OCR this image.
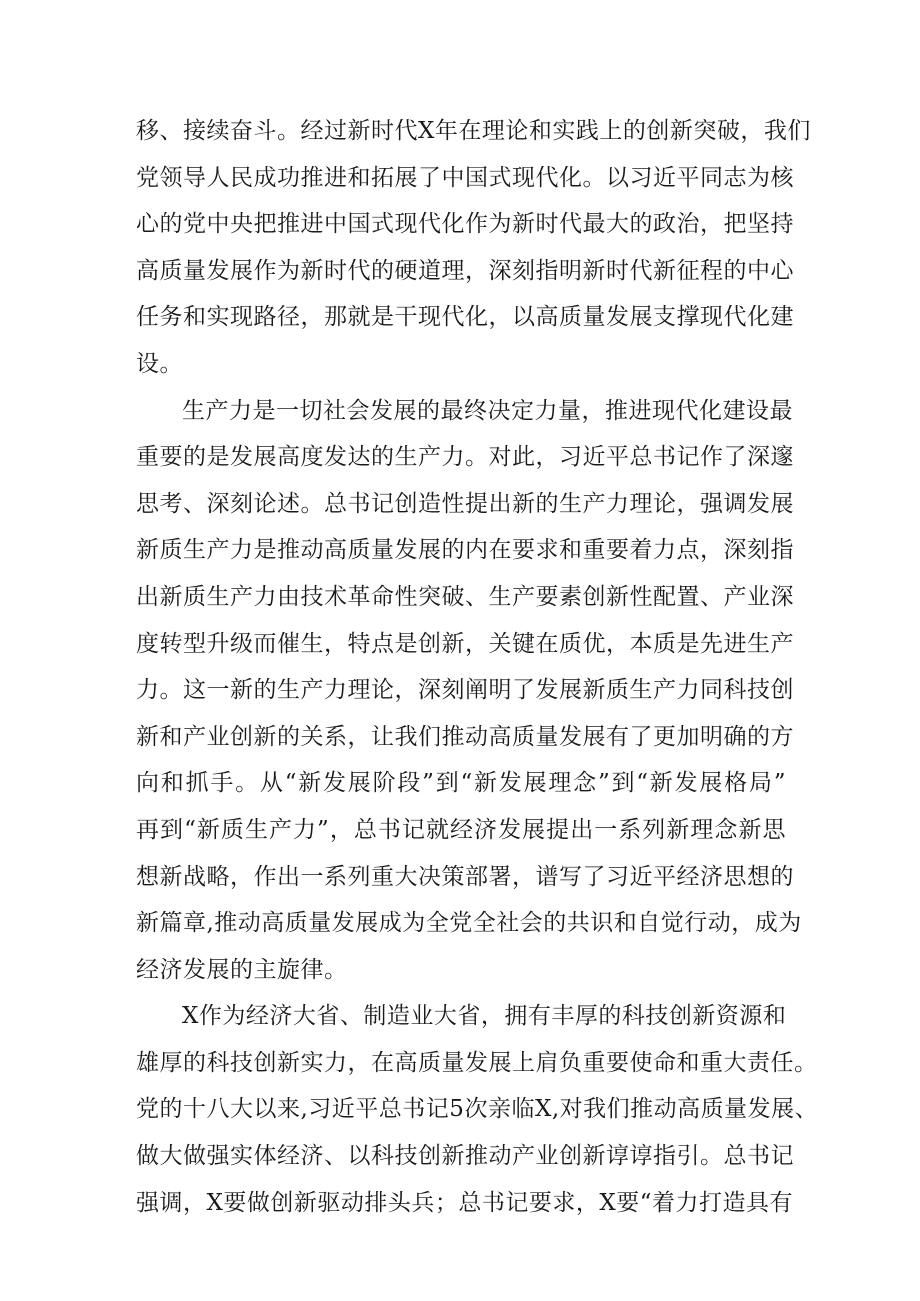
移、接续奋斗。经过新时代X年在理论和实践上的创新突破，我们
党领导人民成功推进和拓展了中国式现代化。以习近平同志为核
心的党中央把推进中国式现代化作为新时代最大的政治，把坚持
高质量发展作为新时代的硬道理，深刻指明新时代新征程的中心
任务和实现路径，那就是干现代化，以高质量发展支撑现代化建
设。
生产力是一切社会发展的最终决定力量，推进现代化建设最
重要的是发展高度发达的生产力。对此，习近平总书记作了深邃
思考、深刻论述。总书记创造性提出新的生产力理论，强调发展
新质生产力是推动高质量发展的内在要求和重要着力点，深刻指
出新质生产力由技术革命性突破、生产要素创新性配置、产业深
度转型升级而催生，特点是创新，关键在质优，本质是先进生产
力。这一新的生产力理论，深刻阐明了发展新质生产力同科技创
新和产业创新的关系，让我们推动高质量发展有了更加明确的方
向和抓手。从“新发展阶段”到“新发展理念”到“新发展格局”
再到“新质生产力”，总书记就经济发展提出一系列新理念新思
想新战略，作出一系列重大决策部署，谱写了习近平经济思想的
新篇章,推动高质量发展成为全党全社会的共识和自觉行动，成为
经济发展的主旋律。
X作为经济大省、制造业大省，拥有丰厚的科技创新资源和
雄厚的科技创新实力，在高质量发展上肩负重要使命和重大责任。
党的十八大以来,习近平总书记5次亲临X,对我们推动高质量发展、
做大做强实体经济、以科技创新推动产业创新谆谆指引。总书记
强调，X要做创新驱动排头兵；总书记要求，X要“着力打造具有
